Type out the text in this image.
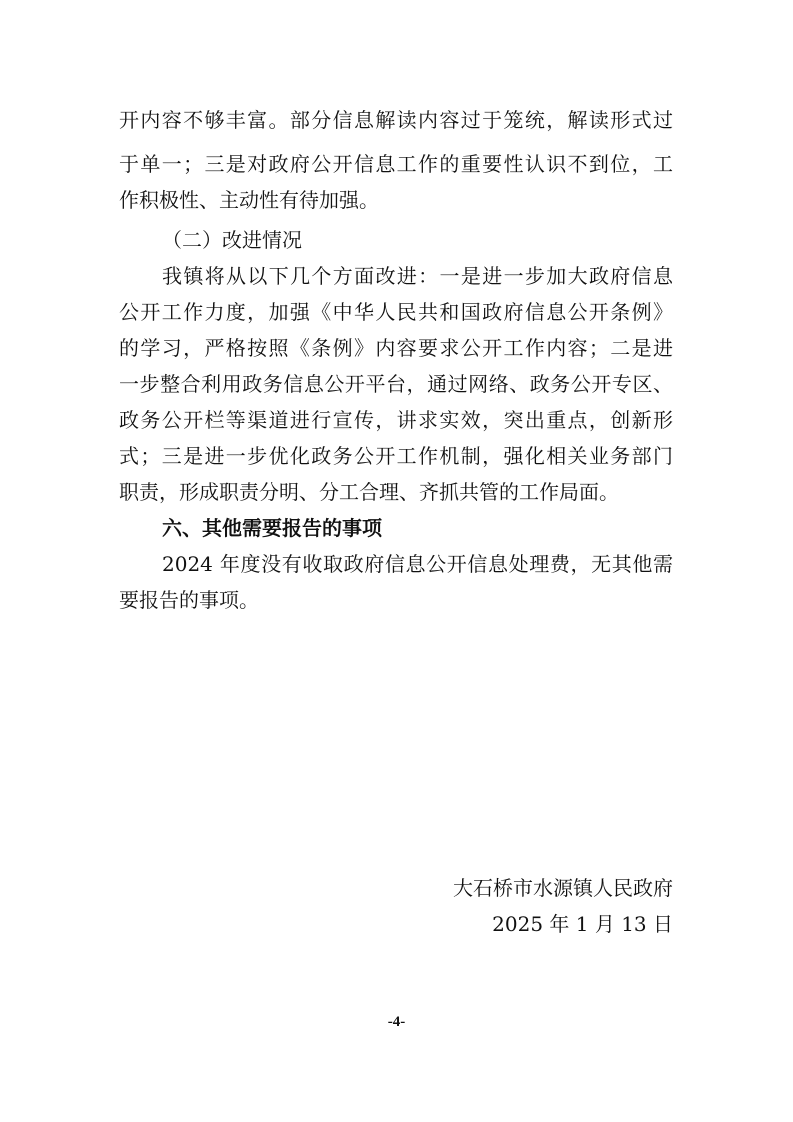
开内容不够丰富。部分信息解读内容过于笼统，解读形式过
于单一；三是对政府公开信息工作的重要性认识不到位，工
作积极性、主动性有待加强。
（二）改进情况
我镇将从以下几个方面改进：一是进一步加大政府信息
公开工作力度，加强《中华人民共和国政府信息公开条例》
的学习，严格按照《条例》内容要求公开工作内容；二是进
一步整合利用政务信息公开平台，通过网络、政务公开专区、
政务公开栏等渠道进行宣传，讲求实效，突出重点，创新形
式；三是进一步优化政务公开工作机制，强化相关业务部门
职责，形成职责分明、分工合理、齐抓共管的工作局面。
六、其他需要报告的事项
2024 年度没有收取政府信息公开信息处理费，无其他需
要报告的事项。
大石桥市水源镇人民政府
2025 年 1 月 13 日
-4-
